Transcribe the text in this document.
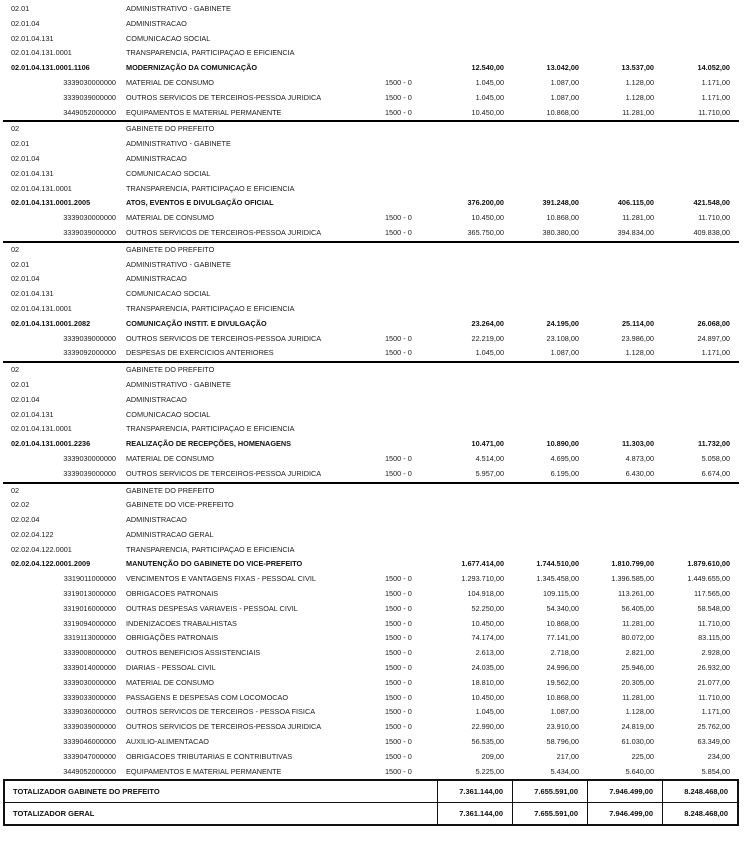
02.01	ADMINISTRATIVO - GABINETE
02.01.04	ADMINISTRACAO
02.01.04.131	COMUNICACAO SOCIAL
02.01.04.131.0001	TRANSPARENCIA, PARTICIPAÇAO E EFICIENCIA
02.01.04.131.0001.1106	MODERNIZAÇÃO DA COMUNICAÇÃO	12.540,00	13.042,00	13.537,00	14.052,00
3339030000000	MATERIAL DE CONSUMO	1500 - 0	1.045,00	1.087,00	1.128,00	1.171,00
3339039000000	OUTROS SERVICOS DE TERCEIROS-PESSOA JURIDICA	1500 - 0	1.045,00	1.087,00	1.128,00	1.171,00
3449052000000	EQUIPAMENTOS E MATERIAL PERMANENTE	1500 - 0	10.450,00	10.868,00	11.281,00	11.710,00
02	GABINETE DO PREFEITO
02.01	ADMINISTRATIVO - GABINETE
02.01.04	ADMINISTRACAO
02.01.04.131	COMUNICACAO SOCIAL
02.01.04.131.0001	TRANSPARENCIA, PARTICIPAÇAO E EFICIENCIA
02.01.04.131.0001.2005	ATOS, EVENTOS E DIVULGAÇÃO OFICIAL	376.200,00	391.248,00	406.115,00	421.548,00
3339030000000	MATERIAL DE CONSUMO	1500 - 0	10.450,00	10.868,00	11.281,00	11.710,00
3339039000000	OUTROS SERVICOS DE TERCEIROS-PESSOA JURIDICA	1500 - 0	365.750,00	380.380,00	394.834,00	409.838,00
02	GABINETE DO PREFEITO
02.01	ADMINISTRATIVO - GABINETE
02.01.04	ADMINISTRACAO
02.01.04.131	COMUNICACAO SOCIAL
02.01.04.131.0001	TRANSPARENCIA, PARTICIPAÇAO E EFICIENCIA
02.01.04.131.0001.2082	COMUNICAÇÃO INSTIT. E DIVULGAÇÃO	23.264,00	24.195,00	25.114,00	26.068,00
3339039000000	OUTROS SERVICOS DE TERCEIROS-PESSOA JURIDICA	1500 - 0	22.219,00	23.108,00	23.986,00	24.897,00
3339092000000	DESPESAS DE EXERCICIOS ANTERIORES	1500 - 0	1.045,00	1.087,00	1.128,00	1.171,00
02	GABINETE DO PREFEITO
02.01	ADMINISTRATIVO - GABINETE
02.01.04	ADMINISTRACAO
02.01.04.131	COMUNICACAO SOCIAL
02.01.04.131.0001	TRANSPARENCIA, PARTICIPAÇAO E EFICIENCIA
02.01.04.131.0001.2236	REALIZAÇÃO DE RECEPÇÕES, HOMENAGENS	10.471,00	10.890,00	11.303,00	11.732,00
3339030000000	MATERIAL DE CONSUMO	1500 - 0	4.514,00	4.695,00	4.873,00	5.058,00
3339039000000	OUTROS SERVICOS DE TERCEIROS-PESSOA JURIDICA	1500 - 0	5.957,00	6.195,00	6.430,00	6.674,00
02	GABINETE DO PREFEITO
02.02	GABINETE DO VICE-PREFEITO
02.02.04	ADMINISTRACAO
02.02.04.122	ADMINISTRACAO GERAL
02.02.04.122.0001	TRANSPARENCIA, PARTICIPAÇAO E EFICIENCIA
02.02.04.122.0001.2009	MANUTENÇÃO DO GABINETE DO VICE-PREFEITO	1.677.414,00	1.744.510,00	1.810.799,00	1.879.610,00
3319011000000	VENCIMENTOS E VANTAGENS FIXAS - PESSOAL CIVIL	1500 - 0	1.293.710,00	1.345.458,00	1.396.585,00	1.449.655,00
3319013000000	OBRIGACOES PATRONAIS	1500 - 0	104.918,00	109.115,00	113.261,00	117.565,00
3319016000000	OUTRAS DESPESAS VARIAVEIS - PESSOAL CIVIL	1500 - 0	52.250,00	54.340,00	56.405,00	58.548,00
3319094000000	INDENIZACOES TRABALHISTAS	1500 - 0	10.450,00	10.868,00	11.281,00	11.710,00
3319113000000	OBRIGAÇÕES PATRONAIS	1500 - 0	74.174,00	77.141,00	80.072,00	83.115,00
3339008000000	OUTROS BENEFICIOS ASSISTENCIAIS	1500 - 0	2.613,00	2.718,00	2.821,00	2.928,00
3339014000000	DIARIAS - PESSOAL CIVIL	1500 - 0	24.035,00	24.996,00	25.946,00	26.932,00
3339030000000	MATERIAL DE CONSUMO	1500 - 0	18.810,00	19.562,00	20.305,00	21.077,00
3339033000000	PASSAGENS E DESPESAS COM LOCOMOCAO	1500 - 0	10.450,00	10.868,00	11.281,00	11.710,00
3339036000000	OUTROS SERVICOS DE TERCEIROS - PESSOA FISICA	1500 - 0	1.045,00	1.087,00	1.128,00	1.171,00
3339039000000	OUTROS SERVICOS DE TERCEIROS-PESSOA JURIDICA	1500 - 0	22.990,00	23.910,00	24.819,00	25.762,00
3339046000000	AUXILIO-ALIMENTACAO	1500 - 0	56.535,00	58.796,00	61.030,00	63.349,00
3339047000000	OBRIGACOES TRIBUTARIAS E CONTRIBUTIVAS	1500 - 0	209,00	217,00	225,00	234,00
3449052000000	EQUIPAMENTOS E MATERIAL PERMANENTE	1500 - 0	5.225,00	5.434,00	5.640,00	5.854,00
TOTALIZADOR GABINETE DO PREFEITO	7.361.144,00	7.655.591,00	7.946.499,00	8.248.468,00
TOTALIZADOR GERAL	7.361.144,00	7.655.591,00	7.946.499,00	8.248.468,00
